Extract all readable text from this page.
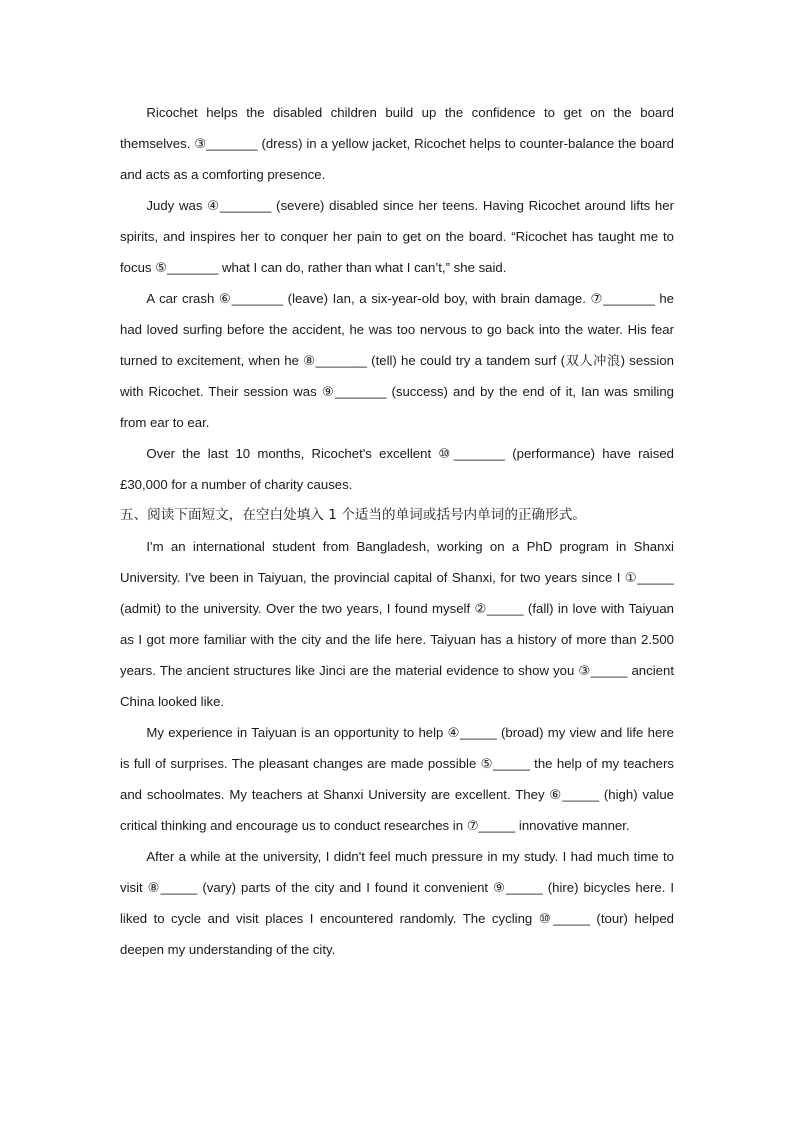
Ricochet helps the disabled children build up the confidence to get on the board themselves. ③_______ (dress) in a yellow jacket, Ricochet helps to counter-balance the board and acts as a comforting presence.

Judy was ④_______ (severe) disabled since her teens. Having Ricochet around lifts her spirits, and inspires her to conquer her pain to get on the board. “Ricochet has taught me to focus ⑤_______ what I can do, rather than what I can’t,” she said.

A car crash ⑥_______ (leave) Ian, a six-year-old boy, with brain damage. ⑦_______ he had loved surfing before the accident, he was too nervous to go back into the water. His fear turned to excitement, when he ⑧_______ (tell) he could try a tandem surf (双人冲浪) session with Ricochet. Their session was ⑨_______ (success) and by the end of it, Ian was smiling from ear to ear.

Over the last 10 months, Ricochet's excellent ⑩_______ (performance) have raised £30,000 for a number of charity causes.

五、阅读下面短文，在空白处填入 1 个适当的单词或括号内单词的正确形式。

I'm an international student from Bangladesh, working on a PhD program in Shanxi University. I've been in Taiyuan, the provincial capital of Shanxi, for two years since I ①_____ (admit) to the university. Over the two years, I found myself ②_____ (fall) in love with Taiyuan as I got more familiar with the city and the life here. Taiyuan has a history of more than 2.500 years. The ancient structures like Jinci are the material evidence to show you ③_____ ancient China looked like.

My experience in Taiyuan is an opportunity to help ④_____ (broad) my view and life here is full of surprises. The pleasant changes are made possible ⑤_____ the help of my teachers and schoolmates. My teachers at Shanxi University are excellent. They ⑥_____ (high) value critical thinking and encourage us to conduct researches in ⑦_____ innovative manner.

After a while at the university, I didn't feel much pressure in my study. I had much time to visit ⑧_____ (vary) parts of the city and I found it convenient ⑨_____ (hire) bicycles here. I liked to cycle and visit places I encountered randomly. The cycling ⑩_____ (tour) helped deepen my understanding of the city.
